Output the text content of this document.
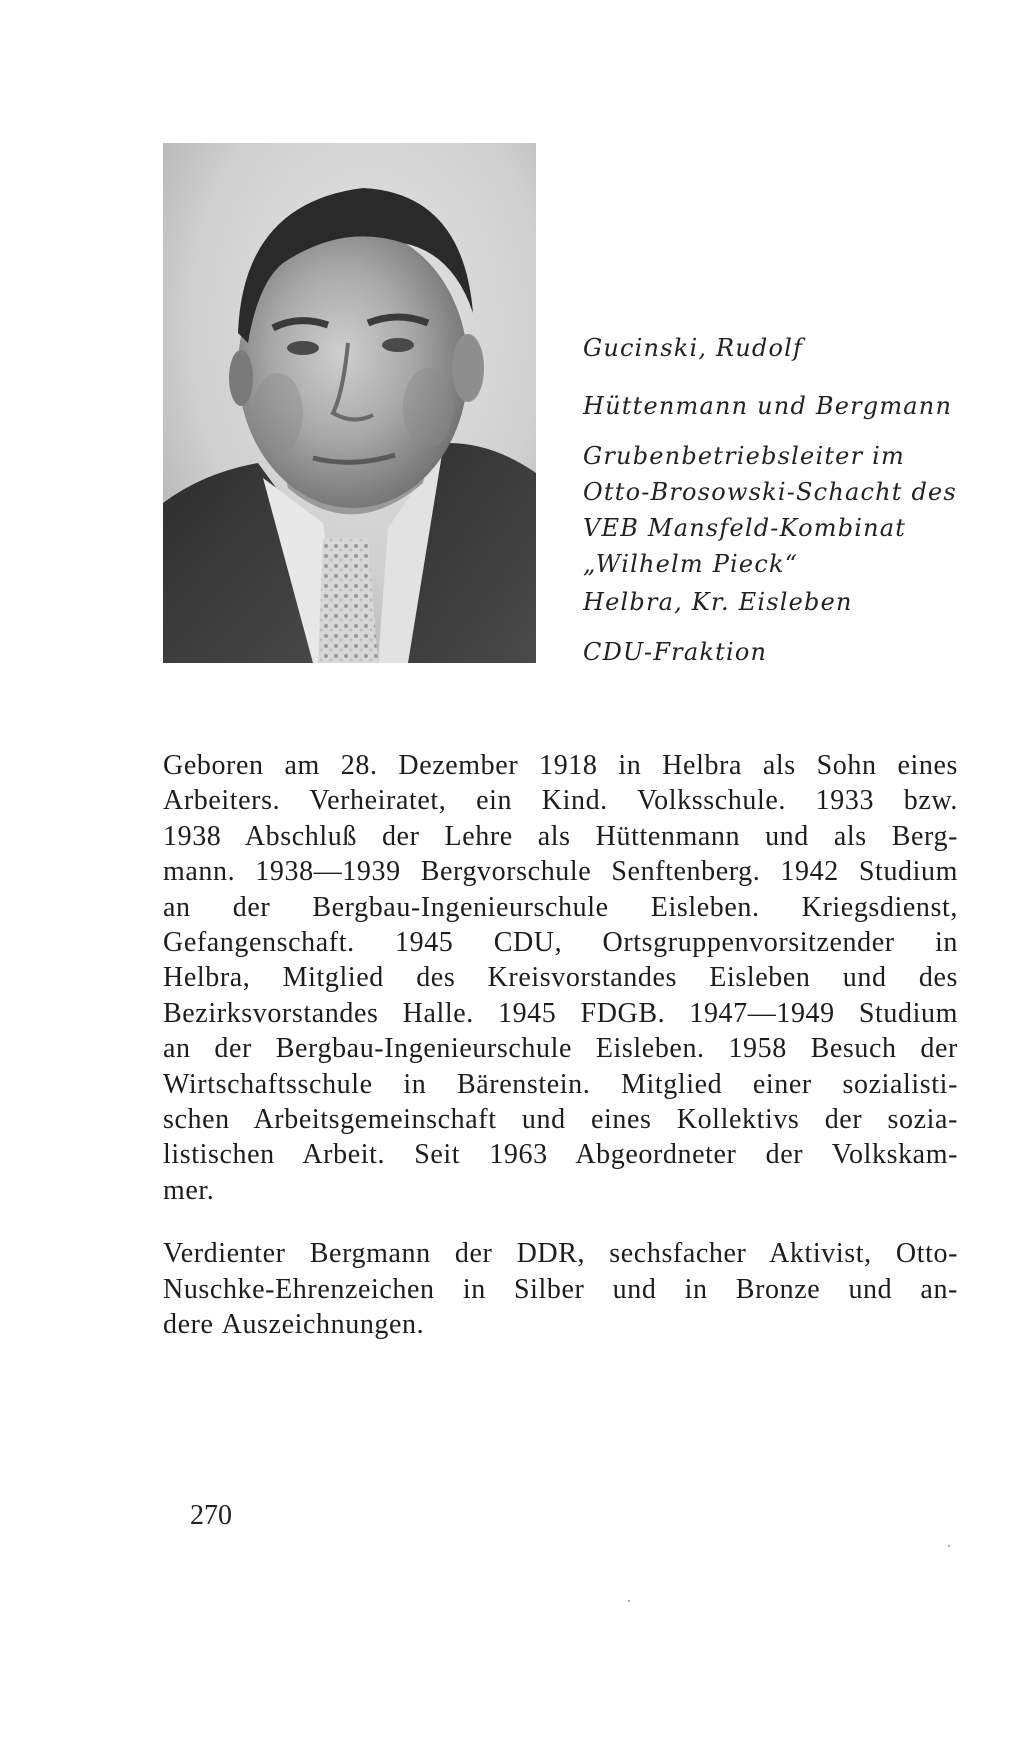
Gucinski, Rudolf

Hüttenmann und Bergmann

Grubenbetriebsleiter im
Otto-Brosowski-Schacht des
VEB Mansfeld-Kombinat
„Wilhelm Pieck“

Helbra, Kr. Eisleben

CDU-Fraktion

Geboren am 28. Dezember 1918 in Helbra als Sohn eines
Arbeiters. Verheiratet, ein Kind. Volksschule. 1933 bzw.
1938 Abschluß der Lehre als Hüttenmann und als Berg-
mann. 1938—1939 Bergvorschule Senftenberg. 1942 Studium
an der Bergbau-Ingenieurschule Eisleben. Kriegsdienst,
Gefangenschaft. 1945 CDU, Ortsgruppenvorsitzender in
Helbra, Mitglied des Kreisvorstandes Eisleben und des
Bezirksvorstandes Halle. 1945 FDGB. 1947—1949 Studium
an der Bergbau-Ingenieurschule Eisleben. 1958 Besuch der
Wirtschaftsschule in Bärenstein. Mitglied einer sozialisti-
schen Arbeitsgemeinschaft und eines Kollektivs der sozia-
listischen Arbeit. Seit 1963 Abgeordneter der Volkskam-
mer.
Verdienter Bergmann der DDR, sechsfacher Aktivist, Otto-
Nuschke-Ehrenzeichen in Silber und in Bronze und an-
dere Auszeichnungen.
270
